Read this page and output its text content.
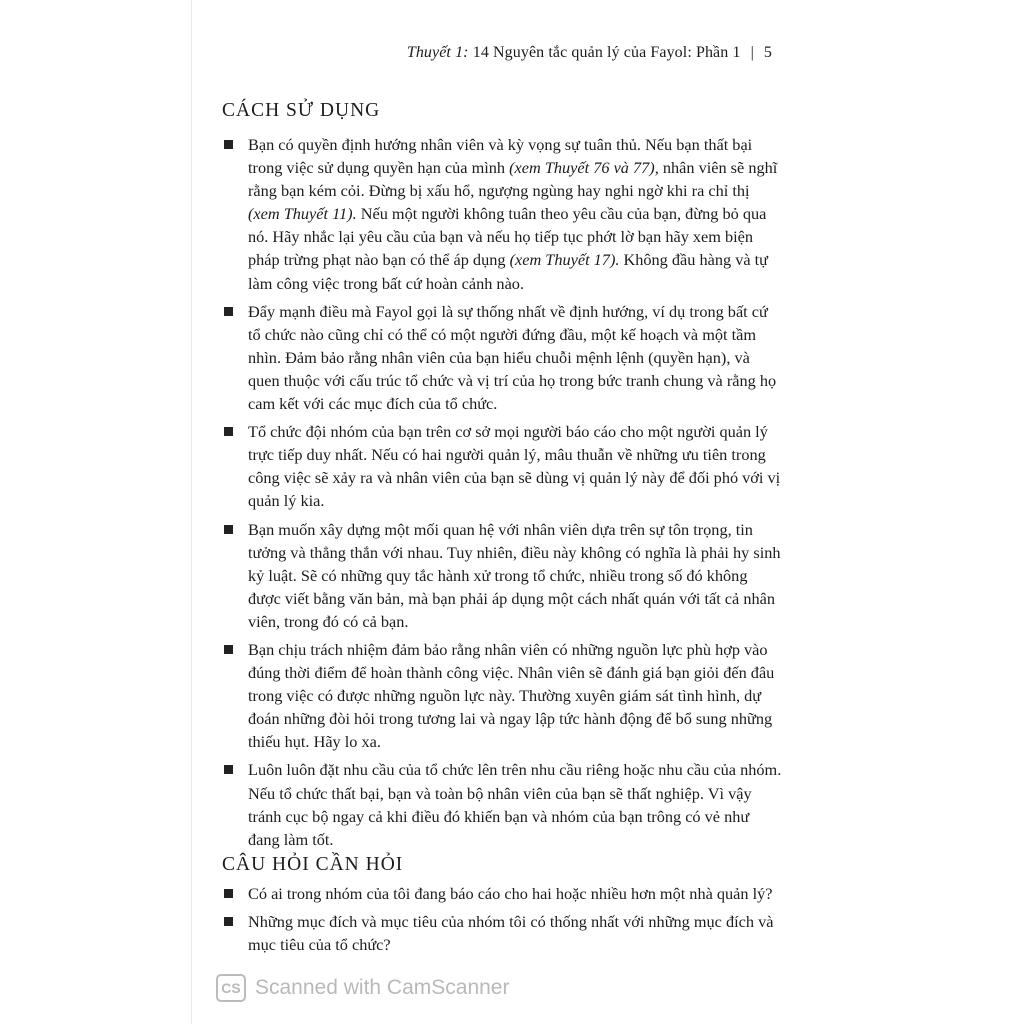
Thuyết 1: 14 Nguyên tắc quản lý của Fayol: Phần 1 | 5
CÁCH SỬ DỤNG
Bạn có quyền định hướng nhân viên và kỳ vọng sự tuân thủ. Nếu bạn thất bại trong việc sử dụng quyền hạn của mình (xem Thuyết 76 và 77), nhân viên sẽ nghĩ rằng bạn kém cỏi. Đừng bị xấu hổ, ngượng ngùng hay nghi ngờ khi ra chỉ thị (xem Thuyết 11). Nếu một người không tuân theo yêu cầu của bạn, đừng bỏ qua nó. Hãy nhắc lại yêu cầu của bạn và nếu họ tiếp tục phớt lờ bạn hãy xem biện pháp trừng phạt nào bạn có thể áp dụng (xem Thuyết 17). Không đầu hàng và tự làm công việc trong bất cứ hoàn cảnh nào.
Đẩy mạnh điều mà Fayol gọi là sự thống nhất về định hướng, ví dụ trong bất cứ tổ chức nào cũng chỉ có thể có một người đứng đầu, một kế hoạch và một tầm nhìn. Đảm bảo rằng nhân viên của bạn hiểu chuỗi mệnh lệnh (quyền hạn), và quen thuộc với cấu trúc tổ chức và vị trí của họ trong bức tranh chung và rằng họ cam kết với các mục đích của tổ chức.
Tổ chức đội nhóm của bạn trên cơ sở mọi người báo cáo cho một người quản lý trực tiếp duy nhất. Nếu có hai người quản lý, mâu thuẫn về những ưu tiên trong công việc sẽ xảy ra và nhân viên của bạn sẽ dùng vị quản lý này để đối phó với vị quản lý kia.
Bạn muốn xây dựng một mối quan hệ với nhân viên dựa trên sự tôn trọng, tin tưởng và thẳng thắn với nhau. Tuy nhiên, điều này không có nghĩa là phải hy sinh kỷ luật. Sẽ có những quy tắc hành xử trong tổ chức, nhiều trong số đó không được viết bằng văn bản, mà bạn phải áp dụng một cách nhất quán với tất cả nhân viên, trong đó có cả bạn.
Bạn chịu trách nhiệm đảm bảo rằng nhân viên có những nguồn lực phù hợp vào đúng thời điểm để hoàn thành công việc. Nhân viên sẽ đánh giá bạn giỏi đến đâu trong việc có được những nguồn lực này. Thường xuyên giám sát tình hình, dự đoán những đòi hỏi trong tương lai và ngay lập tức hành động để bổ sung những thiếu hụt. Hãy lo xa.
Luôn luôn đặt nhu cầu của tổ chức lên trên nhu cầu riêng hoặc nhu cầu của nhóm. Nếu tổ chức thất bại, bạn và toàn bộ nhân viên của bạn sẽ thất nghiệp. Vì vậy tránh cục bộ ngay cả khi điều đó khiến bạn và nhóm của bạn trông có vẻ như đang làm tốt.
CÂU HỎI CẦN HỎI
Có ai trong nhóm của tôi đang báo cáo cho hai hoặc nhiều hơn một nhà quản lý?
Những mục đích và mục tiêu của nhóm tôi có thống nhất với những mục đích và mục tiêu của tổ chức?
CS Scanned with CamScanner
